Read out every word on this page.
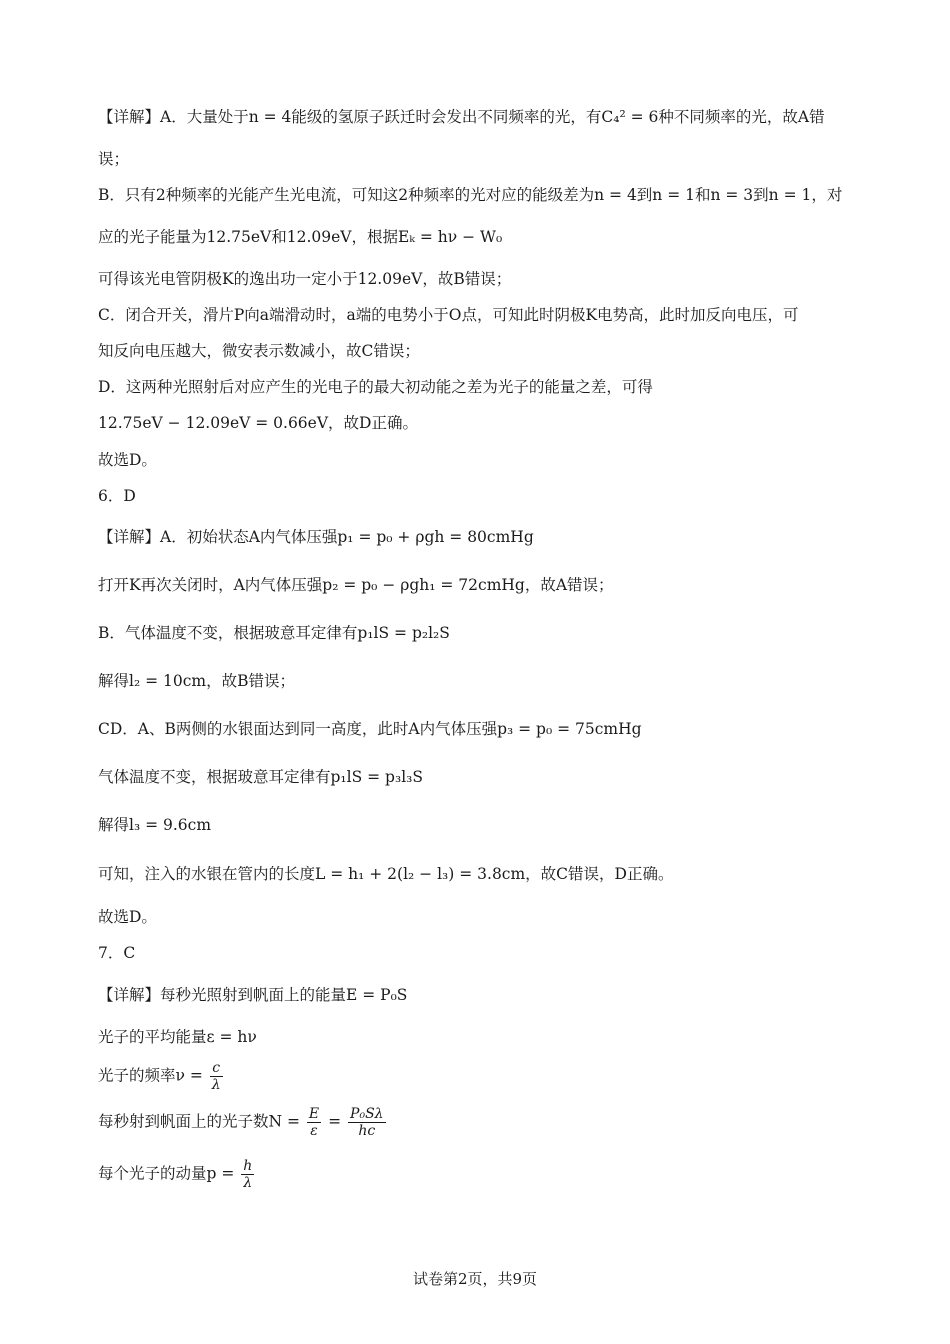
【详解】A．大量处于n = 4能级的氢原子跃迁时会发出不同频率的光，有C₄² = 6种不同频率的光，故A错
误；
B．只有2种频率的光能产生光电流，可知这2种频率的光对应的能级差为n = 4到n = 1和n = 3到n = 1，对
应的光子能量为12.75eV和12.09eV，根据Eₖ = hν − W₀
可得该光电管阴极K的逸出功一定小于12.09eV，故B错误；
C．闭合开关，滑片P向a端滑动时，a端的电势小于O点，可知此时阴极K电势高，此时加反向电压，可
知反向电压越大，微安表示数减小，故C错误；
D．这两种光照射后对应产生的光电子的最大初动能之差为光子的能量之差，可得
12.75eV − 12.09eV = 0.66eV，故D正确。
故选D。
6．D
【详解】A．初始状态A内气体压强p₁ = p₀ + ρgh = 80cmHg
打开K再次关闭时，A内气体压强p₂ = p₀ − ρgh₁ = 72cmHg，故A错误；
B．气体温度不变，根据玻意耳定律有p₁lS = p₂l₂S
解得l₂ = 10cm，故B错误；
CD．A、B两侧的水银面达到同一高度，此时A内气体压强p₃ = p₀ = 75cmHg
气体温度不变，根据玻意耳定律有p₁lS = p₃l₃S
解得l₃ = 9.6cm
可知，注入的水银在管内的长度L = h₁ + 2(l₂ − l₃) = 3.8cm，故C错误，D正确。
故选D。
7．C
【详解】每秒光照射到帆面上的能量E = P₀S
光子的平均能量ε = hν
光子的频率$\nu = \frac{c}{\lambda}$
每秒射到帆面上的光子数$N = \frac{E}{\varepsilon} = \frac{\text{P₀Sλ}}{hc}$
每个光子的动量$p = \frac{h}{\lambda}$
试卷第2页，共9页
